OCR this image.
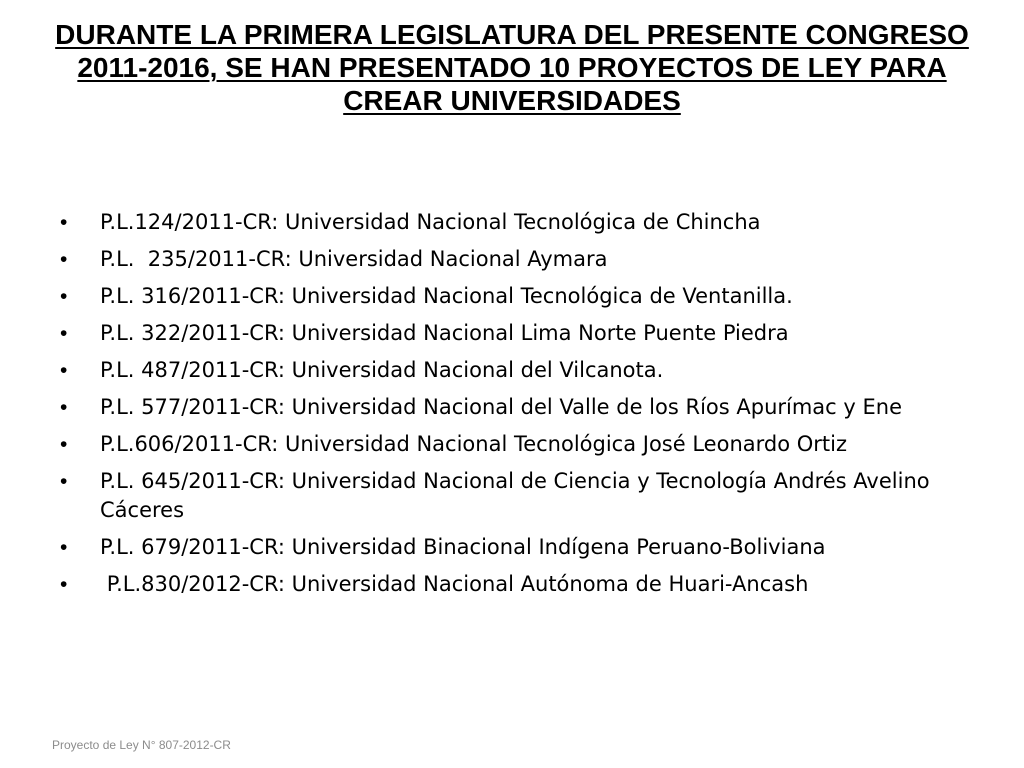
DURANTE LA PRIMERA LEGISLATURA DEL PRESENTE CONGRESO 2011-2016, SE HAN PRESENTADO 10 PROYECTOS DE LEY PARA CREAR UNIVERSIDADES
•	P.L.124/2011-CR: Universidad Nacional Tecnológica de Chincha
•	P.L.  235/2011-CR: Universidad Nacional Aymara
•	P.L. 316/2011-CR: Universidad Nacional Tecnológica de Ventanilla.
•	P.L. 322/2011-CR: Universidad Nacional Lima Norte Puente Piedra
•	P.L. 487/2011-CR: Universidad Nacional del Vilcanota.
•	P.L. 577/2011-CR: Universidad Nacional del Valle de los Ríos Apurímac y Ene
•	P.L.606/2011-CR: Universidad Nacional Tecnológica José Leonardo Ortiz
•	P.L. 645/2011-CR: Universidad Nacional de Ciencia y Tecnología Andrés Avelino Cáceres
•	P.L. 679/2011-CR: Universidad Binacional Indígena Peruano-Boliviana
•	P.L.830/2012-CR: Universidad Nacional Autónoma de Huari-Ancash
Proyecto de Ley N° 807-2012-CR
